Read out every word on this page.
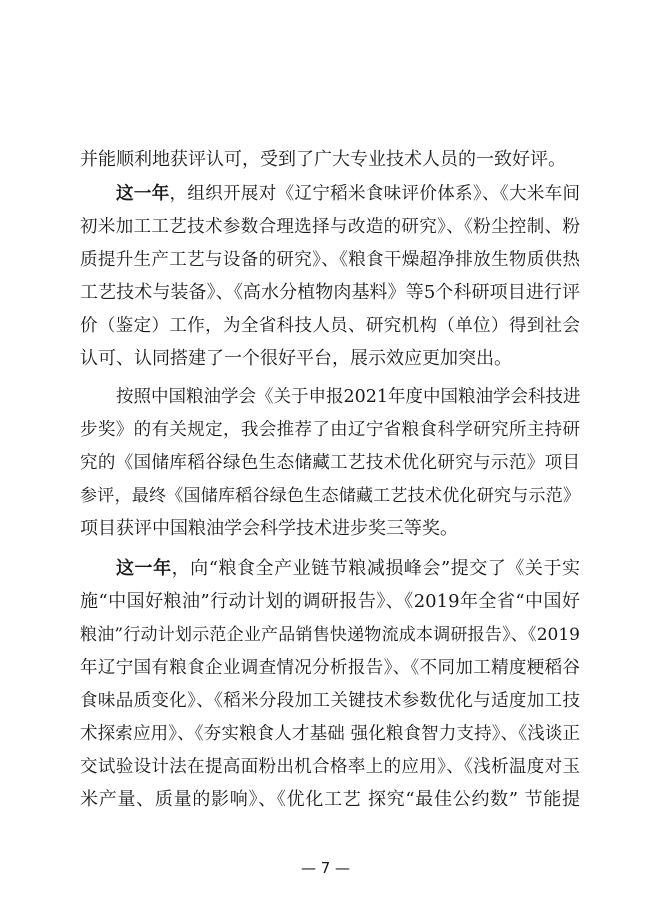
并能顺利地获评认可，受到了广大专业技术人员的一致好评。
这一年，组织开展对《辽宁稻米食味评价体系》、《大米车间
初米加工工艺技术参数合理选择与改造的研究》、《粉尘控制、粉
质提升生产工艺与设备的研究》、《粮食干燥超净排放生物质供热
工艺技术与装备》、《高水分植物肉基料》等5个科研项目进行评
价（鉴定）工作，为全省科技人员、研究机构（单位）得到社会
认可、认同搭建了一个很好平台，展示效应更加突出。
按照中国粮油学会《关于申报2021年度中国粮油学会科技进
步奖》的有关规定，我会推荐了由辽宁省粮食科学研究所主持研
究的《国储库稻谷绿色生态储藏工艺技术优化研究与示范》项目
参评，最终《国储库稻谷绿色生态储藏工艺技术优化研究与示范》
项目获评中国粮油学会科学技术进步奖三等奖。
这一年，向“粮食全产业链节粮减损峰会”提交了《关于实
施“中国好粮油”行动计划的调研报告》、《2019年全省“中国好
粮油”行动计划示范企业产品销售快递物流成本调研报告》、《2019
年辽宁国有粮食企业调查情况分析报告》、《不同加工精度粳稻谷
食味品质变化》、《稻米分段加工关键技术参数优化与适度加工技
术探索应用》、《夯实粮食人才基础 强化粮食智力支持》、《浅谈正
交试验设计法在提高面粉出机合格率上的应用》、《浅析温度对玉
米产量、质量的影响》、《优化工艺 探究“最佳公约数” 节能提
— 7 —
